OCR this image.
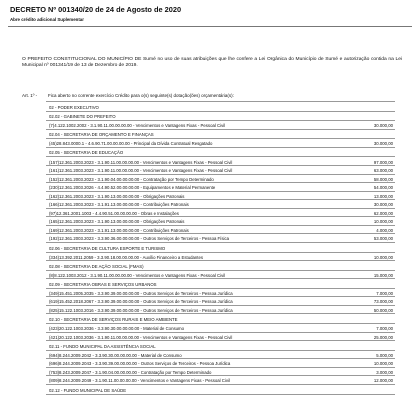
DECRETO Nº 001340/20 de 24 de Agosto de 2020
Abre crédito adicional Suplementar
O PREFEITO CONSTITUCIONAL DO MUNICÍPIO DE Sumé no uso de suas atribuições que lhe confere a Lei Orgânica do Município de Sumé e autorização contida na Lei Municipal nº 001341/19 de 13 de Dezembro de 2019.
Art. 1º - Fica aberto no corrente exercício Crédito para o(s) seguinte(s) dotação(ões) orçamentária(s):
02 - PODER EXECUTIVO
02.02 - GABINETE DO PREFEITO
(7)4.122.1002.2002 - 3.1.90.11.00.00.00.00 - Vencimentos e Vantagens Fixas - Pessoal Civil	30.000,00
02.04 - SECRETARIA DE ORÇAMENTO E FINANÇAS
(45)28.843.0000.1 - 4.6.90.71.00.00.00.00 - Principal da Dívida Contratual Resgatado	30.000,00
02.05 - SECRETARIA DE EDUCAÇÃO
(157)12.361.2003.2023 - 3.1.90.11.00.00.00.00 - Vencimentos e Vantagens Fixas - Pessoal Civil	97.000,00
(161)12.361.2003.2023 - 3.1.90.11.00.00.00.00 - Vencimentos e Vantagens Fixas - Pessoal Civil	63.000,00
(152)12.361.2003.2023 - 3.1.90.04.00.00.00.00 - Contratação por Tempo Determinado	58.000,00
(230)12.361.2003.2026 - 4.4.90.52.00.00.00.00 - Equipamentos e Material Permanente	54.000,00
(162)12.361.2003.2023 - 3.1.90.13.00.00.00.00 - Obrigações Patronais	13.000,00
(166)12.361.2003.2023 - 3.1.91.13.00.00.00.00 - Contribuições Patronais	30.000,00
(97)12.361.2001.1003 - 4.4.90.51.00.00.00.00 - Obras e Instalações	62.000,00
(165)12.361.2003.2023 - 3.1.90.13.00.00.00.00 - Obrigações Patronais	10.000,00
(169)12.361.2003.2023 - 3.1.91.13.00.00.00.00 - Contribuições Patronais	4.000,00
(192)12.361.2003.2023 - 3.3.90.36.00.00.00.00 - Outros Serviços de Terceiros - Pessoa Física	53.000,00
02.06 - SECRETARIA DE CULTURA ESPORTE E TURISMO
(334)13.392.2011.2059 - 3.3.90.18.00.00.00.00 - Auxílio Financeiro a Estudantes	10.000,00
02.08 - SECRETARIA DE AÇÃO SOCIAL (FMAS)
(8)8.122.1003.2012 - 3.1.90.11.00.00.00.00 - Vencimentos e Vantagens Fixas - Pessoal Civil	15.000,00
02.09 - SECRETARIA OBRAS E SERVIÇOS URBANOS
(349)15.451.2005.2035 - 3.3.90.39.00.00.00.00 - Outros Serviços de Terceiros - Pessoa Jurídica	7.000,00
(619)15.452.2018.2067 - 3.3.90.39.00.00.00.00 - Outros Serviços de Terceiros - Pessoa Jurídica	73.000,00
(825)15.122.1003.2016 - 3.3.90.39.00.00.00.00 - Outros Serviços de Terceiros - Pessoa Jurídica	50.000,00
02.10 - SECRETARIA DE SERVIÇOS RURAIS E MEIO AMBIENTE
(423)20.122.1003.2036 - 3.3.90.30.00.00.00.00 - Material de Consumo	7.000,00
(421)20.122.1003.2036 - 3.1.90.11.00.00.00.00 - Vencimentos e Vantagens Fixas - Pessoal Civil	25.000,00
02.11 - FUNDO MUNICIPAL DA ASSISTÊNCIA SOCIAL
(694)8.244.2009.2042 - 3.3.90.30.00.00.00.00 - Material de Consumo	5.000,00
(696)8.244.2009.2043 - 3.3.90.39.00.00.00.00 - Outros Serviços de Terceiros - Pessoa Jurídica	10.000,00
(753)8.243.2009.2047 - 3.1.90.04.00.00.00.00 - Contratação por Tempo Determinado	3.000,00
(809)8.244.2009.2049 - 3.1.90.11.00.00.00.00 - Vencimentos e Vantagens Fixas - Pessoal Civil	12.000,00
02.12 - FUNDO MUNICIPAL DE SAÚDE
